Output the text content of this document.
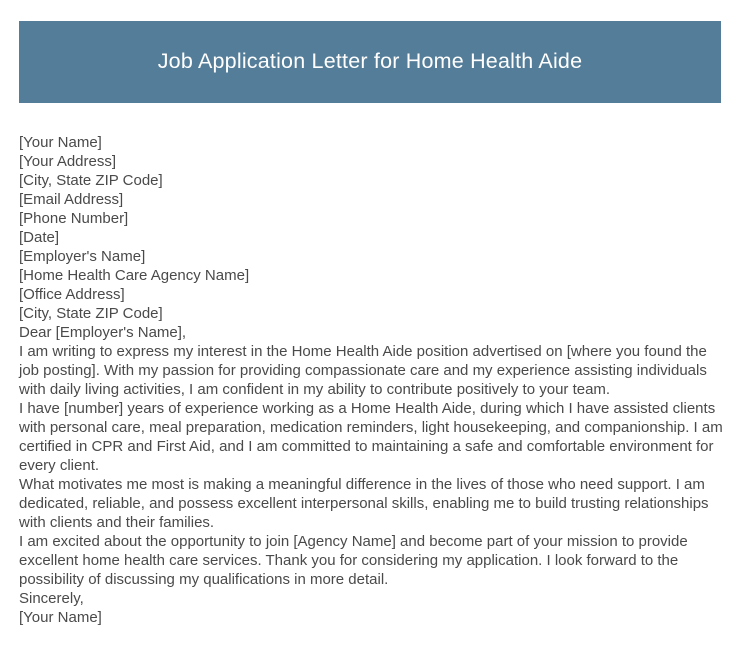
Job Application Letter for Home Health Aide
[Your Name]
[Your Address]
[City, State ZIP Code]
[Email Address]
[Phone Number]
[Date]
[Employer's Name]
[Home Health Care Agency Name]
[Office Address]
[City, State ZIP Code]
Dear [Employer's Name],

I am writing to express my interest in the Home Health Aide position advertised on [where you found the job posting]. With my passion for providing compassionate care and my experience assisting individuals with daily living activities, I am confident in my ability to contribute positively to your team.

I have [number] years of experience working as a Home Health Aide, during which I have assisted clients with personal care, meal preparation, medication reminders, light housekeeping, and companionship. I am certified in CPR and First Aid, and I am committed to maintaining a safe and comfortable environment for every client.

What motivates me most is making a meaningful difference in the lives of those who need support. I am dedicated, reliable, and possess excellent interpersonal skills, enabling me to build trusting relationships with clients and their families.

I am excited about the opportunity to join [Agency Name] and become part of your mission to provide excellent home health care services. Thank you for considering my application. I look forward to the possibility of discussing my qualifications in more detail.

Sincerely,
[Your Name]
